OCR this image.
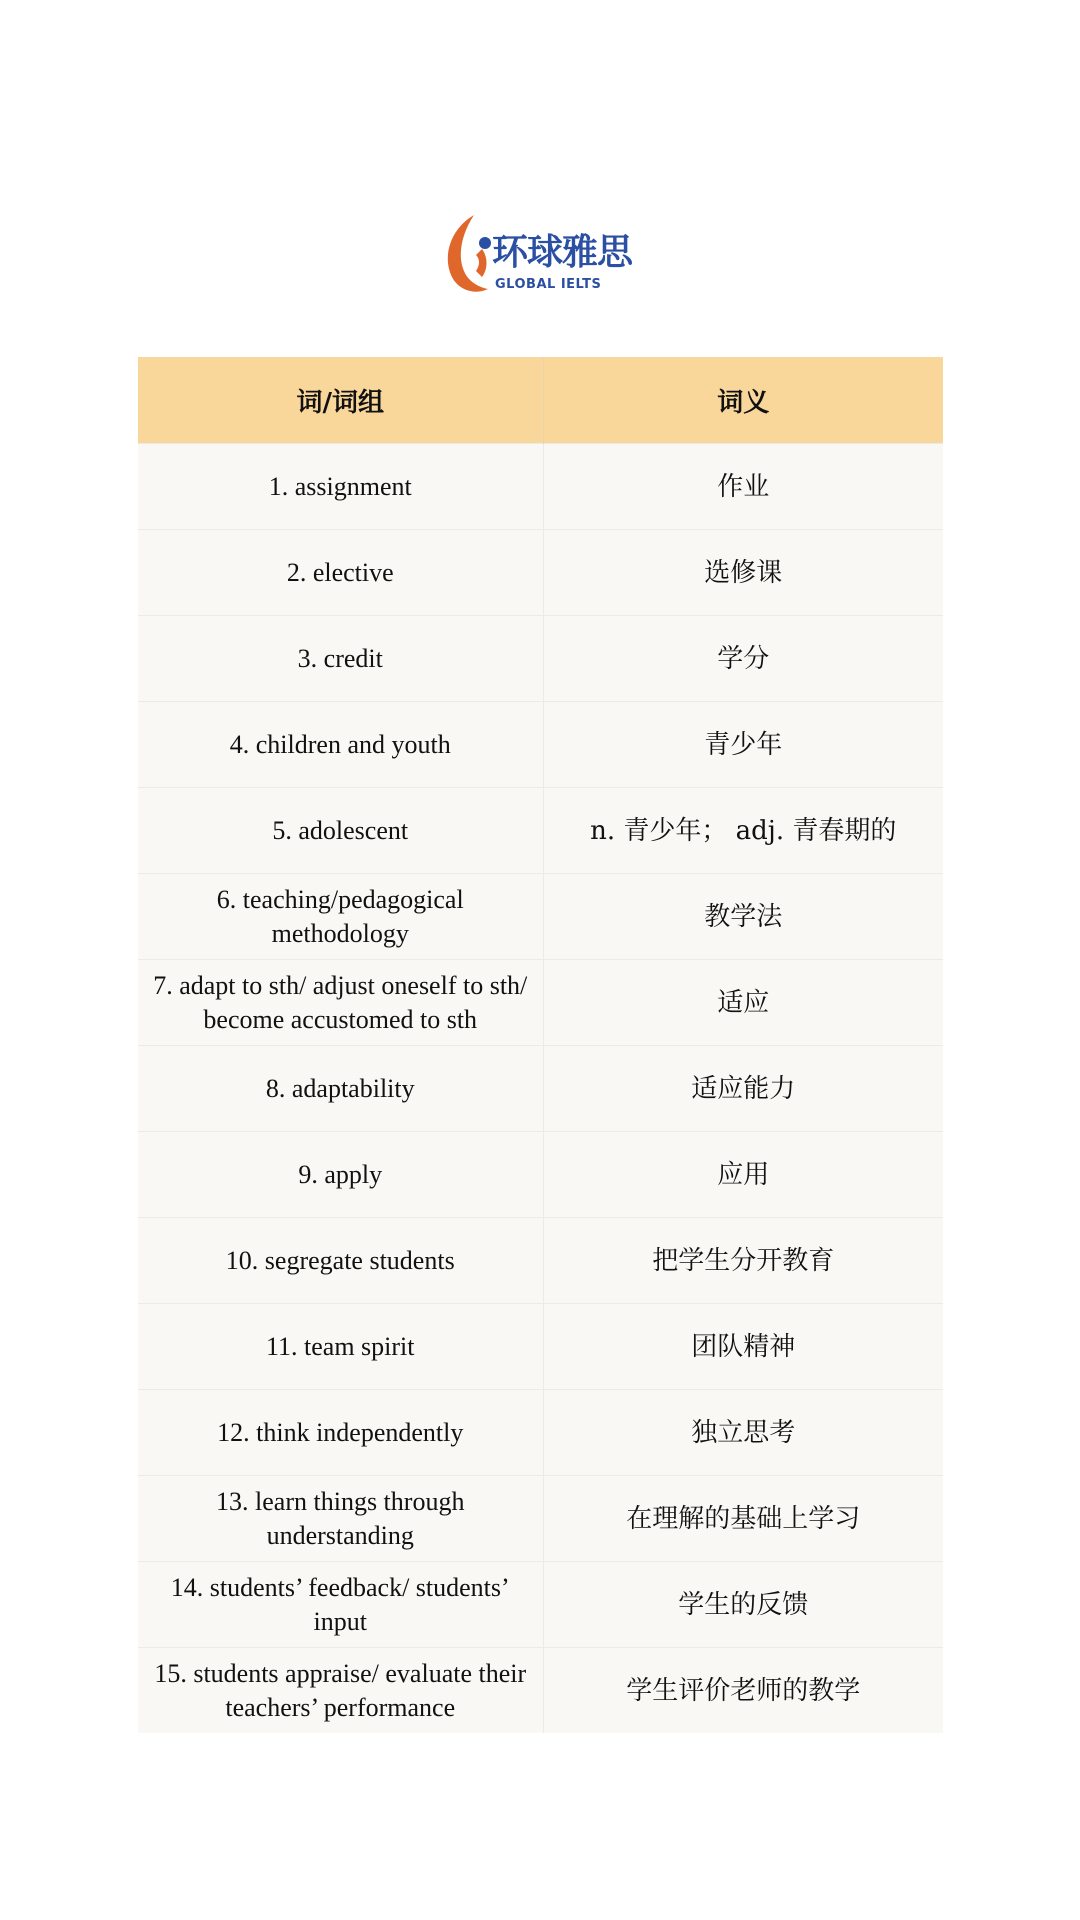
环球雅思
GLOBAL IELTS
词/词组	词义
1. assignment	作业
2. elective	选修课
3. credit	学分
4. children and youth	青少年
5. adolescent	n. 青少年； adj. 青春期的
6. teaching/pedagogical methodology	教学法
7. adapt to sth/ adjust oneself to sth/ become accustomed to sth	适应
8. adaptability	适应能力
9. apply	应用
10. segregate students	把学生分开教育
11. team spirit	团队精神
12. think independently	独立思考
13. learn things through understanding	在理解的基础上学习
14. students’ feedback/ students’ input	学生的反馈
15. students appraise/ evaluate their teachers’ performance	学生评价老师的教学
